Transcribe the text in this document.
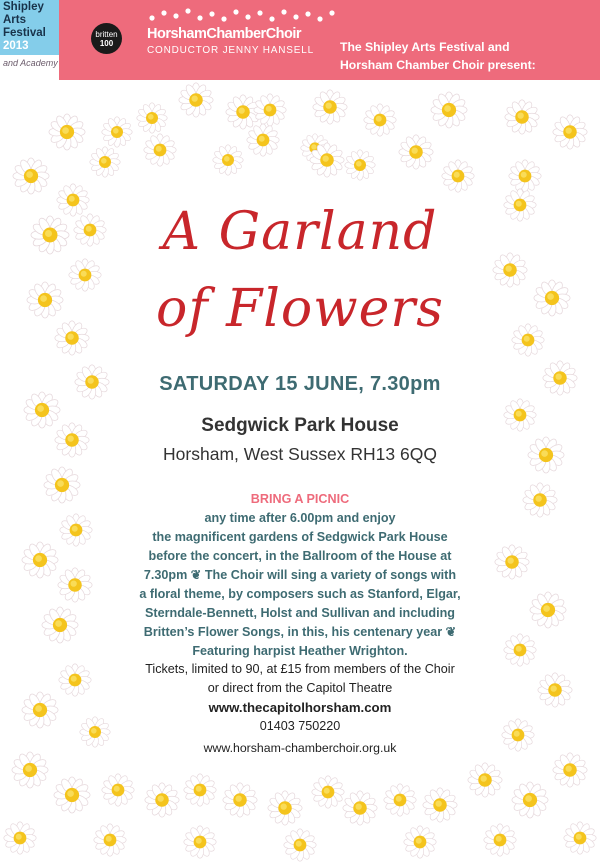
Shipley
Arts
Festival
2013
and Academy
britten
100
HorshamChamberChoir
CONDUCTOR JENNY HANSELL	The Shipley Arts Festival and
Horsham Chamber Choir present:
A Garland
of Flowers
SATURDAY 15 JUNE, 7.30pm
Sedgwick Park House
Horsham, West Sussex RH13 6QQ
BRING A PICNIC
any time after 6.00pm and enjoy
the magnificent gardens of Sedgwick Park House
before the concert, in the Ballroom of the House at
7.30pm ❦ The Choir will sing a variety of songs with
a floral theme, by composers such as Stanford, Elgar,
Sterndale-Bennett, Holst and Sullivan and including
Britten’s Flower Songs, in this, his centenary year ❦
Featuring harpist Heather Wrighton.
Tickets, limited to 90, at £15 from members of the Choir
or direct from the Capitol Theatre
www.thecapitolhorsham.com
01403 750220
www.horsham-chamberchoir.org.uk
